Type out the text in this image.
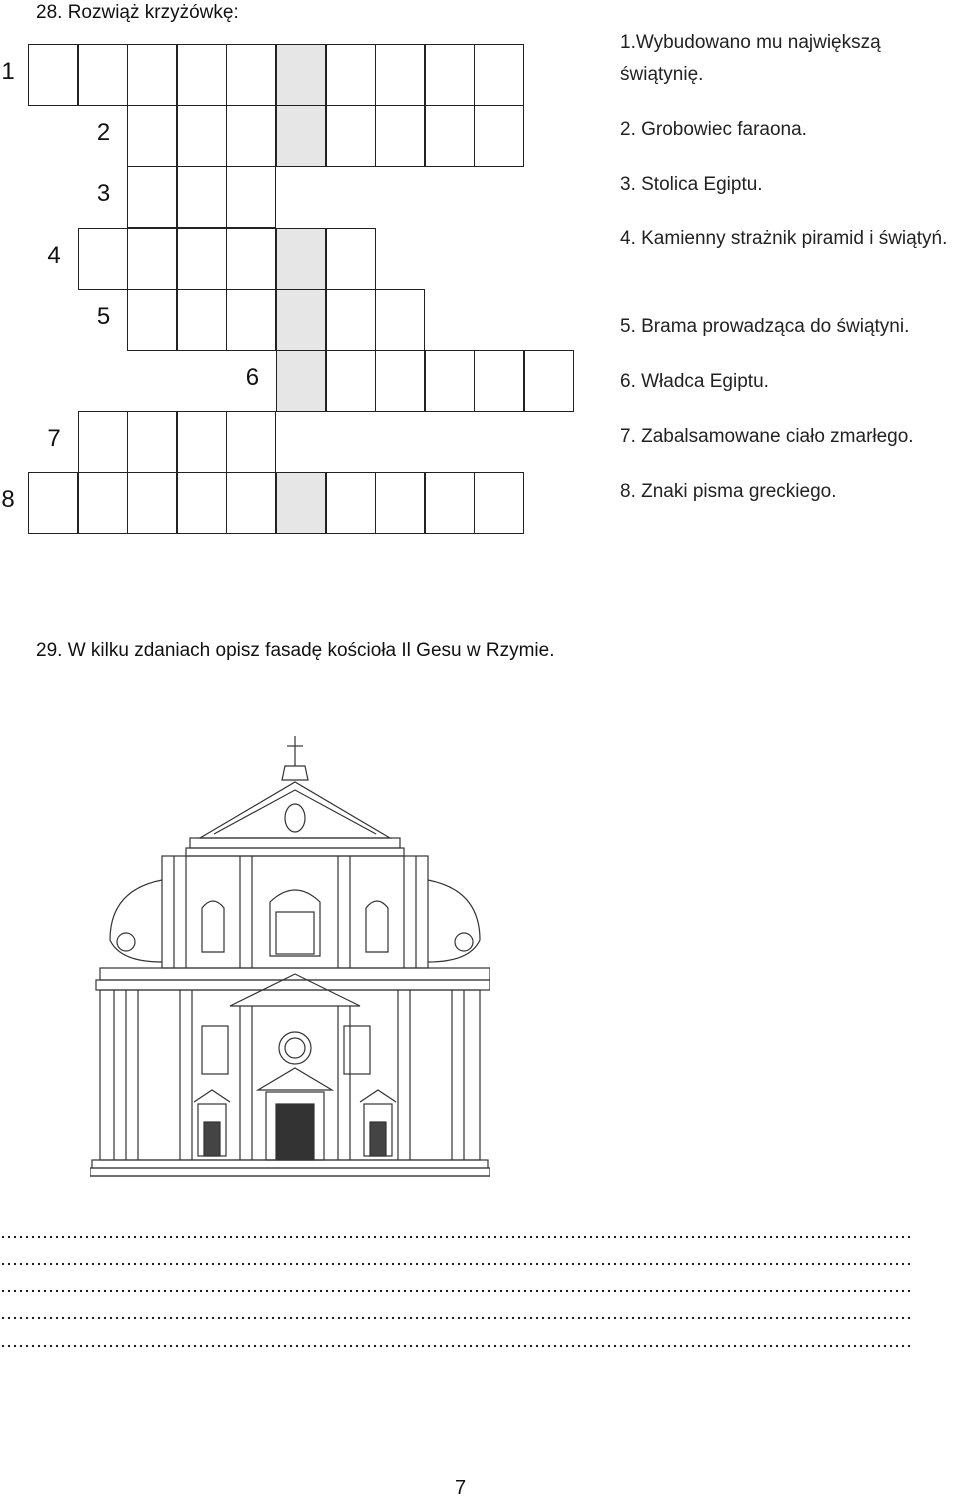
28. Rozwiąż krzyżówkę:
1
2
3
4
5
6
7
8
1.Wybudowano mu największą świątynię.
2. Grobowiec faraona.
3. Stolica Egiptu.
4. Kamienny strażnik piramid i świątyń.
5. Brama prowadząca do świątyni.
6. Władca Egiptu.
7. Zabalsamowane ciało zmarłego.
8. Znaki pisma greckiego.
29. W kilku zdaniach opisz fasadę kościoła Il Gesu w Rzymie.
7
